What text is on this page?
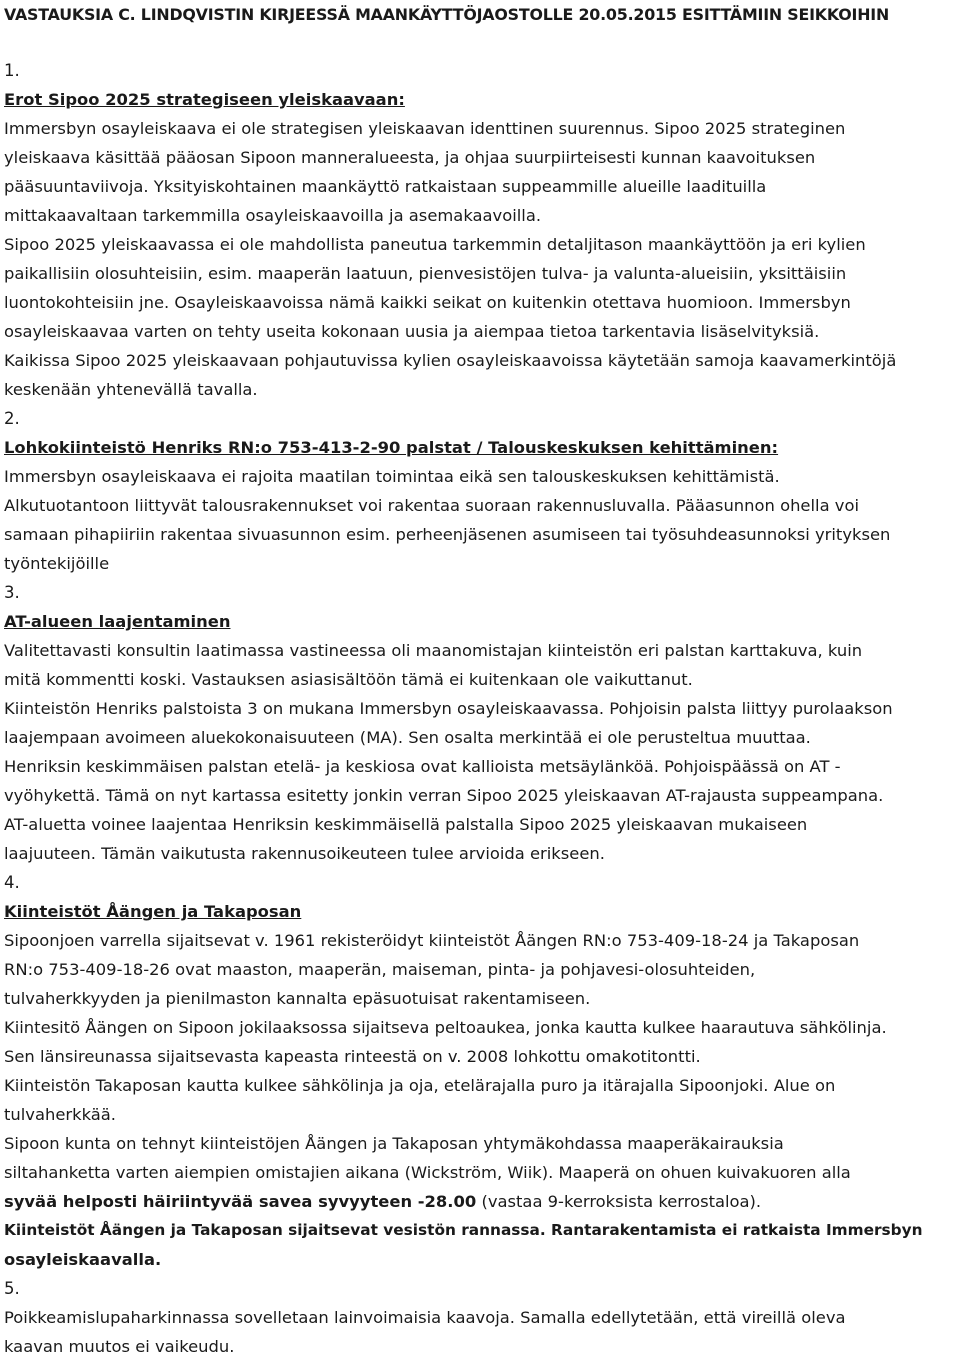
VASTAUKSIA C. LINDQVISTIN KIRJEESSÄ MAANKÄYTTÖJAOSTOLLE 20.05.2015 ESITTÄMIIN SEIKKOIHIN
1.
Erot Sipoo 2025 strategiseen yleiskaavaan:
Immersbyn osayleiskaava ei ole strategisen yleiskaavan identtinen suurennus. Sipoo 2025 strateginen
yleiskaava käsittää pääosan Sipoon manneralueesta, ja ohjaa suurpiirteisesti kunnan kaavoituksen
pääsuuntaviivoja. Yksityiskohtainen maankäyttö ratkaistaan suppeammille alueille laadituilla
mittakaavaltaan tarkemmilla osayleiskaavoilla ja asemakaavoilla.
Sipoo 2025 yleiskaavassa ei ole mahdollista paneutua tarkemmin detaljitason maankäyttöön ja eri kylien
paikallisiin olosuhteisiin, esim. maaperän laatuun, pienvesistöjen tulva- ja valunta-alueisiin, yksittäisiin
luontokohteisiin jne. Osayleiskaavoissa nämä kaikki seikat on kuitenkin otettava huomioon. Immersbyn
osayleiskaavaa varten on tehty useita kokonaan uusia ja aiempaa tietoa tarkentavia lisäselvityksiä.
Kaikissa Sipoo 2025 yleiskaavaan pohjautuvissa kylien osayleiskaavoissa käytetään samoja kaavamerkintöjä
keskenään yhtenevällä tavalla.
2.
Lohkokiinteistö Henriks RN:o 753-413-2-90 palstat / Talouskeskuksen kehittäminen:
Immersbyn osayleiskaava ei rajoita maatilan toimintaa eikä sen talouskeskuksen kehittämistä.
Alkutuotantoon liittyvät talousrakennukset voi rakentaa suoraan rakennusluvalla. Pääasunnon ohella voi
samaan pihapiiriin rakentaa sivuasunnon esim. perheenjäsenen asumiseen tai työsuhdeasunnoksi yrityksen
työntekijöille
3.
AT-alueen laajentaminen
Valitettavasti konsultin laatimassa vastineessa oli maanomistajan kiinteistön eri palstan karttakuva, kuin
mitä kommentti koski. Vastauksen asiasisältöön tämä ei kuitenkaan ole vaikuttanut.
Kiinteistön Henriks palstoista 3 on mukana Immersbyn osayleiskaavassa. Pohjoisin palsta liittyy purolaakson
laajempaan avoimeen aluekokonaisuuteen (MA). Sen osalta merkintää ei ole perusteltua muuttaa.
Henriksin keskimmäisen palstan etelä- ja keskiosa ovat kallioista metsäylänköä. Pohjoispäässä on AT -
vyöhykettä. Tämä on nyt kartassa esitetty jonkin verran Sipoo 2025 yleiskaavan AT-rajausta suppeampana.
AT-aluetta voinee laajentaa Henriksin keskimmäisellä palstalla Sipoo 2025 yleiskaavan mukaiseen
laajuuteen. Tämän vaikutusta rakennusoikeuteen tulee arvioida erikseen.
4.
Kiinteistöt Åängen ja Takaposan
Sipoonjoen varrella sijaitsevat v. 1961 rekisteröidyt kiinteistöt Åängen RN:o 753-409-18-24 ja Takaposan
RN:o 753-409-18-26 ovat maaston, maaperän, maiseman, pinta- ja pohjavesi-olosuhteiden,
tulvaherkkyyden ja pienilmaston kannalta epäsuotuisat rakentamiseen.
Kiintesitö Åängen on Sipoon jokilaaksossa sijaitseva peltoaukea, jonka kautta kulkee haarautuva sähkölinja.
Sen länsireunassa sijaitsevasta kapeasta rinteestä on v. 2008 lohkottu omakotitontti.
Kiinteistön Takaposan kautta kulkee sähkölinja ja oja, etelärajalla puro ja itärajalla Sipoonjoki. Alue on
tulvaherkkää.
Sipoon kunta on tehnyt kiinteistöjen Åängen ja Takaposan yhtymäkohdassa maaperäkairauksia
siltahanketta varten aiempien omistajien aikana (Wickström, Wiik). Maaperä on ohuen kuivakuoren alla
syvää helposti häiriintyvää savea syvyyteen -28.00 (vastaa 9-kerroksista kerrostaloa).
Kiinteistöt Åängen ja Takaposan sijaitsevat vesistön rannassa. Rantarakentamista ei ratkaista Immersbyn
osayleiskaavalla.
5.
Poikkeamislupaharkinnassa sovelletaan lainvoimaisia kaavoja. Samalla edellytetään, että vireillä oleva
kaavan muutos ei vaikeudu.
